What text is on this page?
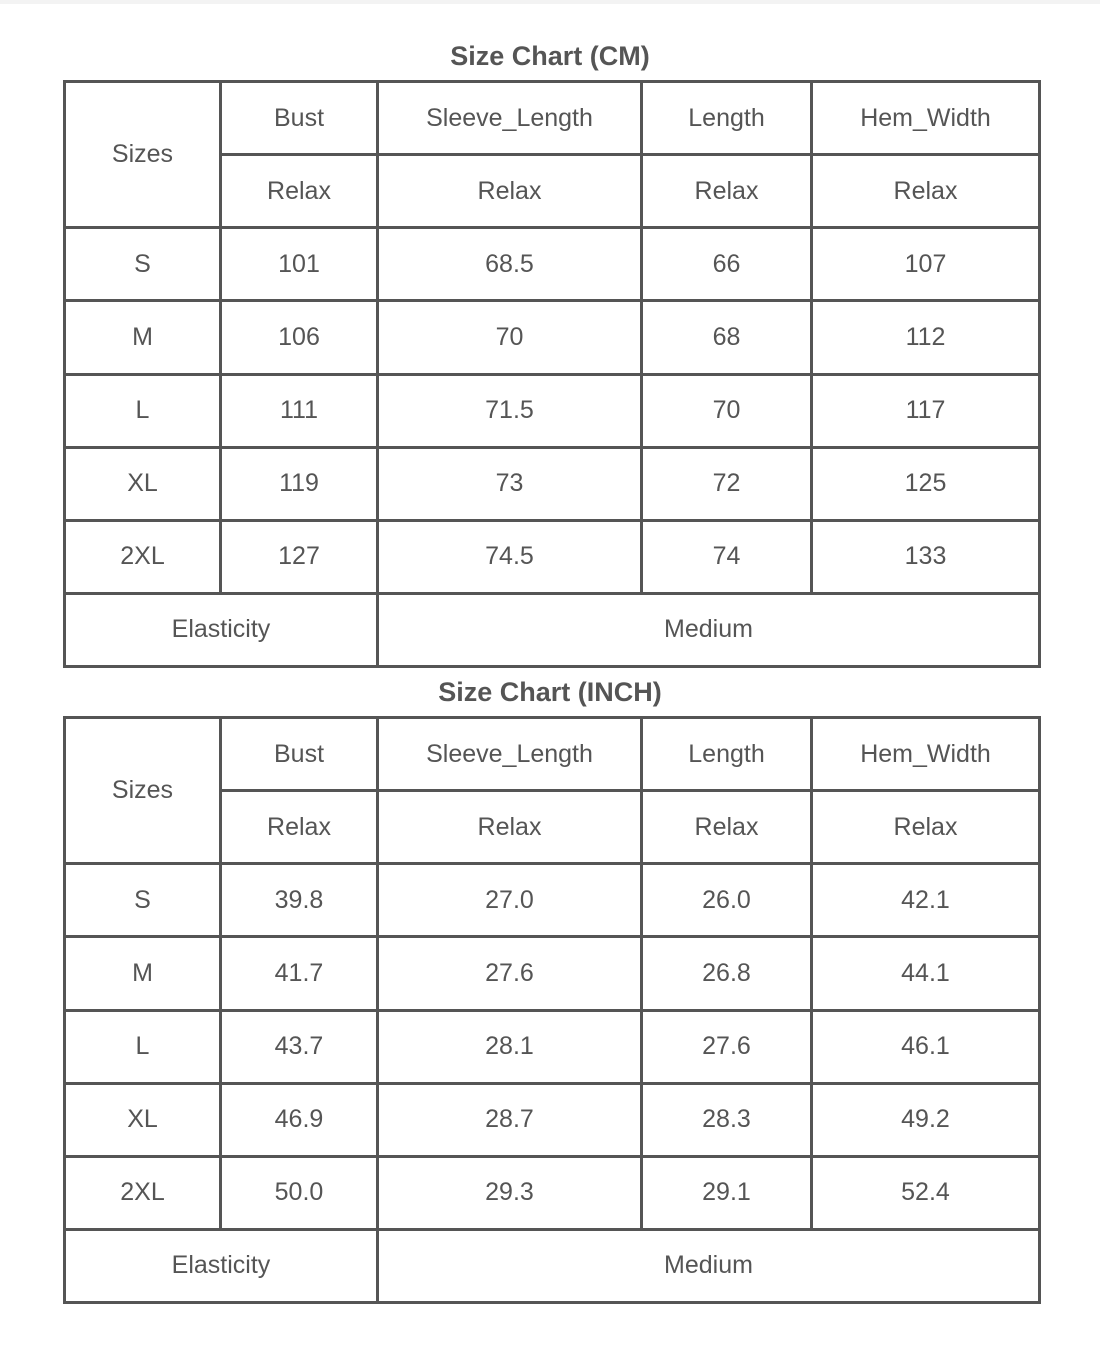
Size Chart (CM)
Sizes	Bust	Sleeve_Length	Length	Hem_Width
	Relax	Relax	Relax	Relax
S	101	68.5	66	107
M	106	70	68	112
L	111	71.5	70	117
XL	119	73	72	125
2XL	127	74.5	74	133
Elasticity		Medium		
Size Chart (INCH)
Sizes	Bust	Sleeve_Length	Length	Hem_Width
	Relax	Relax	Relax	Relax
S	39.8	27.0	26.0	42.1
M	41.7	27.6	26.8	44.1
L	43.7	28.1	27.6	46.1
XL	46.9	28.7	28.3	49.2
2XL	50.0	29.3	29.1	52.4
Elasticity		Medium		
